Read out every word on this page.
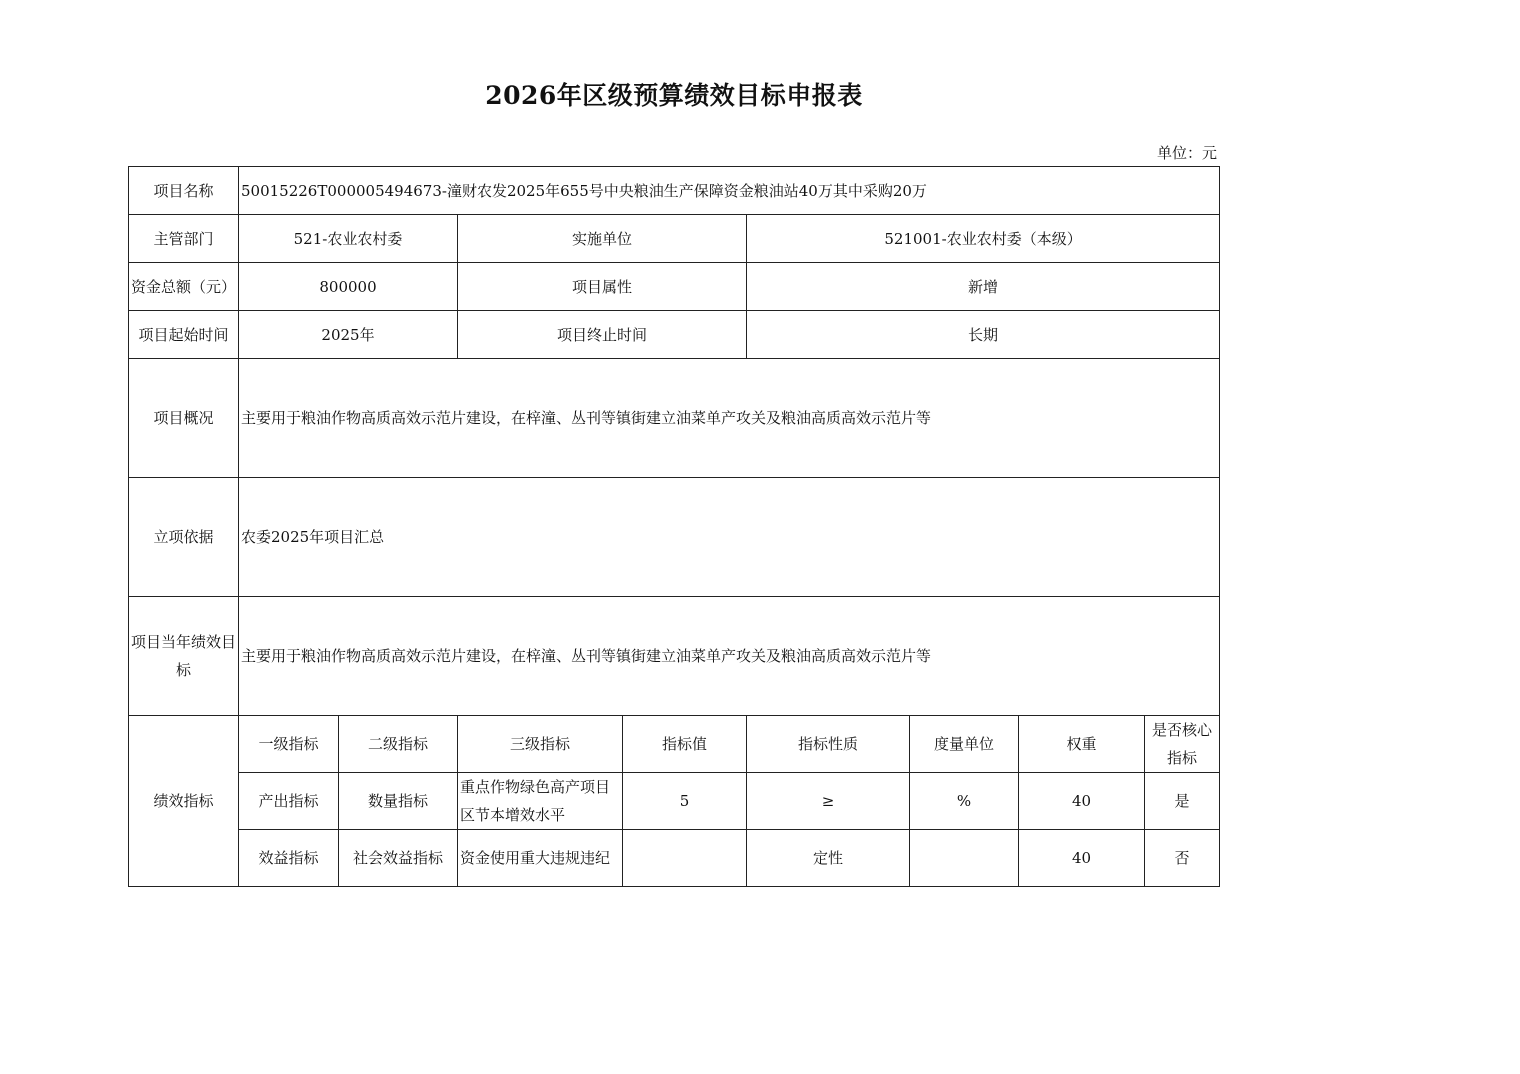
2026年区级预算绩效目标申报表
单位：元
项目名称	50015226T000005494673-潼财农发2025年655号中央粮油生产保障资金粮油站40万其中采购20万							
主管部门	521-农业农村委		实施单位		521001-农业农村委（本级）			
资金总额（元）	800000		项目属性		新增			
项目起始时间	2025年		项目终止时间		长期			
项目概况	主要用于粮油作物高质高效示范片建设，在梓潼、丛刊等镇街建立油菜单产攻关及粮油高质高效示范片等							
立项依据	农委2025年项目汇总							
项目当年绩效目标	主要用于粮油作物高质高效示范片建设，在梓潼、丛刊等镇街建立油菜单产攻关及粮油高质高效示范片等							
绩效指标	一级指标	二级指标	三级指标	指标值	指标性质	度量单位	权重	是否核心指标
	产出指标	数量指标	重点作物绿色高产项目区节本增效水平	5	≥	%	40	是
	效益指标	社会效益指标	资金使用重大违规违纪		定性		40	否
